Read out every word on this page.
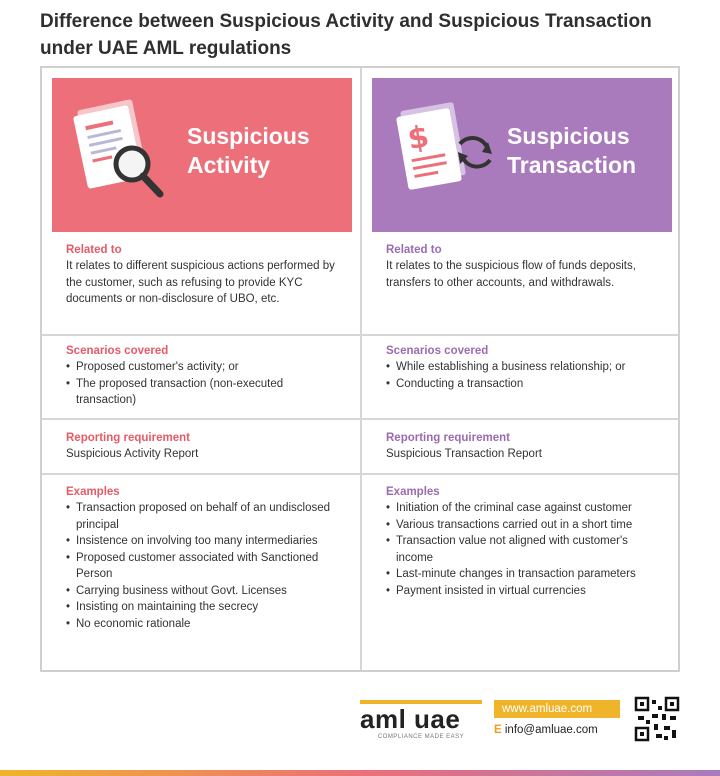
Difference between Suspicious Activity and Suspicious Transaction under UAE AML regulations
Suspicious
Activity
Related to
It relates to different suspicious actions performed by the customer, such as refusing to provide KYC documents or non-disclosure of UBO, etc.
Scenarios covered
• Proposed customer's activity; or
• The proposed transaction (non-executed transaction)
Reporting requirement
Suspicious Activity Report
Examples
• Transaction proposed on behalf of an undisclosed principal
• Insistence on involving too many intermediaries
• Proposed customer associated with Sanctioned Person
• Carrying business without Govt. Licenses
• Insisting on maintaining the secrecy
• No economic rationale
$	Suspicious
Transaction
Related to
It relates to the suspicious flow of funds deposits, transfers to other accounts, and withdrawals.
Scenarios covered
• While establishing a business relationship; or
• Conducting a transaction
Reporting requirement
Suspicious Transaction Report
Examples
• Initiation of the criminal case against customer
• Various transactions carried out in a short time
• Transaction value not aligned with customer's income
• Last-minute changes in transaction parameters
• Payment insisted in virtual currencies
aml uae
COMPLIANCE MADE EASY
www.amluae.com
E info@amluae.com
